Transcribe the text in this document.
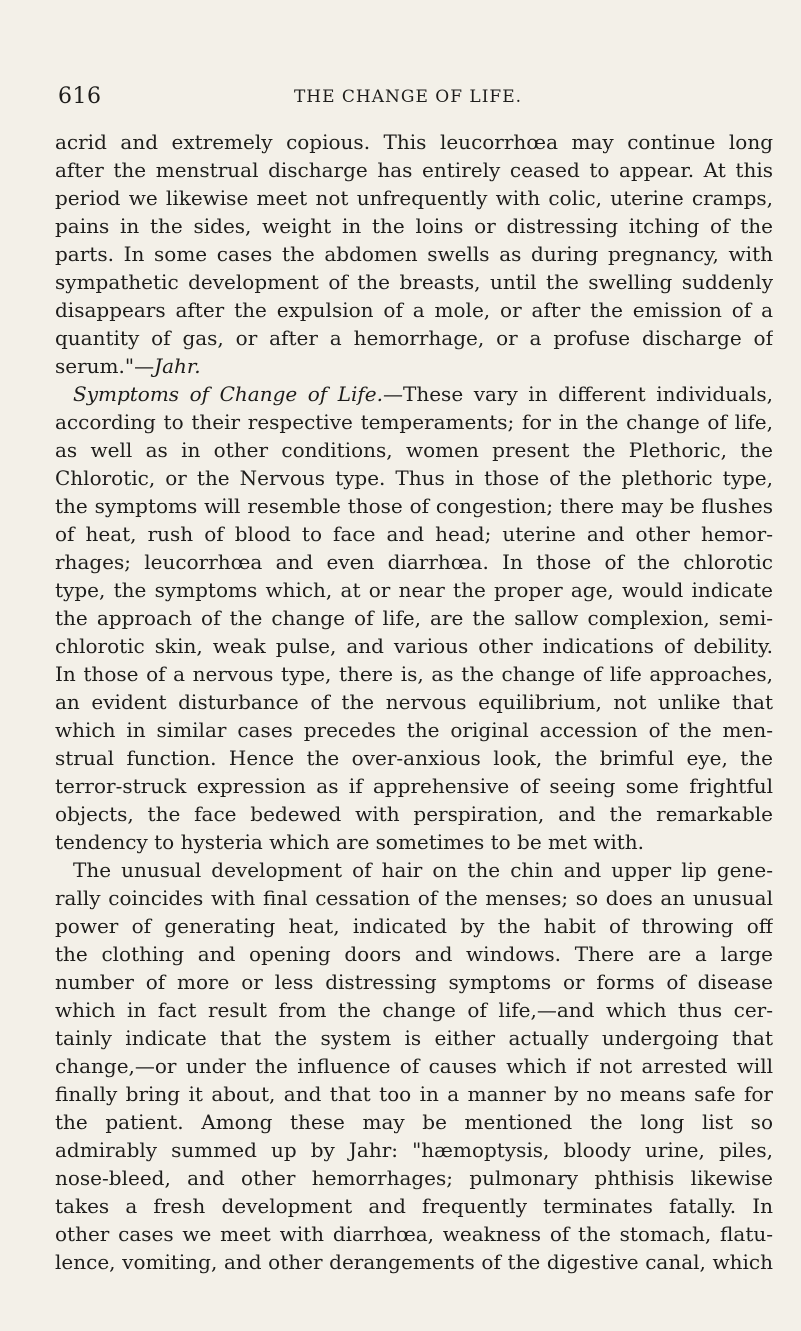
616	THE CHANGE OF LIFE.
acrid and extremely copious. This leucorrhœa may continue long
after the menstrual discharge has entirely ceased to appear. At this
period we likewise meet not unfrequently with colic, uterine cramps,
pains in the sides, weight in the loins or distressing itching of the
parts. In some cases the abdomen swells as during pregnancy, with
sympathetic development of the breasts, until the swelling suddenly
disappears after the expulsion of a mole, or after the emission of a
quantity of gas, or after a hemorrhage, or a profuse discharge of
serum."—Jahr.
Symptoms of Change of Life.—These vary in different individuals,
according to their respective temperaments; for in the change of life,
as well as in other conditions, women present the Plethoric, the
Chlorotic, or the Nervous type. Thus in those of the plethoric type,
the symptoms will resemble those of congestion; there may be flushes
of heat, rush of blood to face and head; uterine and other hemor-
rhages; leucorrhœa and even diarrhœa. In those of the chlorotic
type, the symptoms which, at or near the proper age, would indicate
the approach of the change of life, are the sallow complexion, semi-
chlorotic skin, weak pulse, and various other indications of debility.
In those of a nervous type, there is, as the change of life approaches,
an evident disturbance of the nervous equilibrium, not unlike that
which in similar cases precedes the original accession of the men-
strual function. Hence the over-anxious look, the brimful eye, the
terror-struck expression as if apprehensive of seeing some frightful
objects, the face bedewed with perspiration, and the remarkable
tendency to hysteria which are sometimes to be met with.
The unusual development of hair on the chin and upper lip gene-
rally coincides with final cessation of the menses; so does an unusual
power of generating heat, indicated by the habit of throwing off
the clothing and opening doors and windows. There are a large
number of more or less distressing symptoms or forms of disease
which in fact result from the change of life,—and which thus cer-
tainly indicate that the system is either actually undergoing that
change,—or under the influence of causes which if not arrested will
finally bring it about, and that too in a manner by no means safe for
the patient. Among these may be mentioned the long list so
admirably summed up by Jahr: "hæmoptysis, bloody urine, piles,
nose-bleed, and other hemorrhages; pulmonary phthisis likewise
takes a fresh development and frequently terminates fatally. In
other cases we meet with diarrhœa, weakness of the stomach, flatu-
lence, vomiting, and other derangements of the digestive canal, which
